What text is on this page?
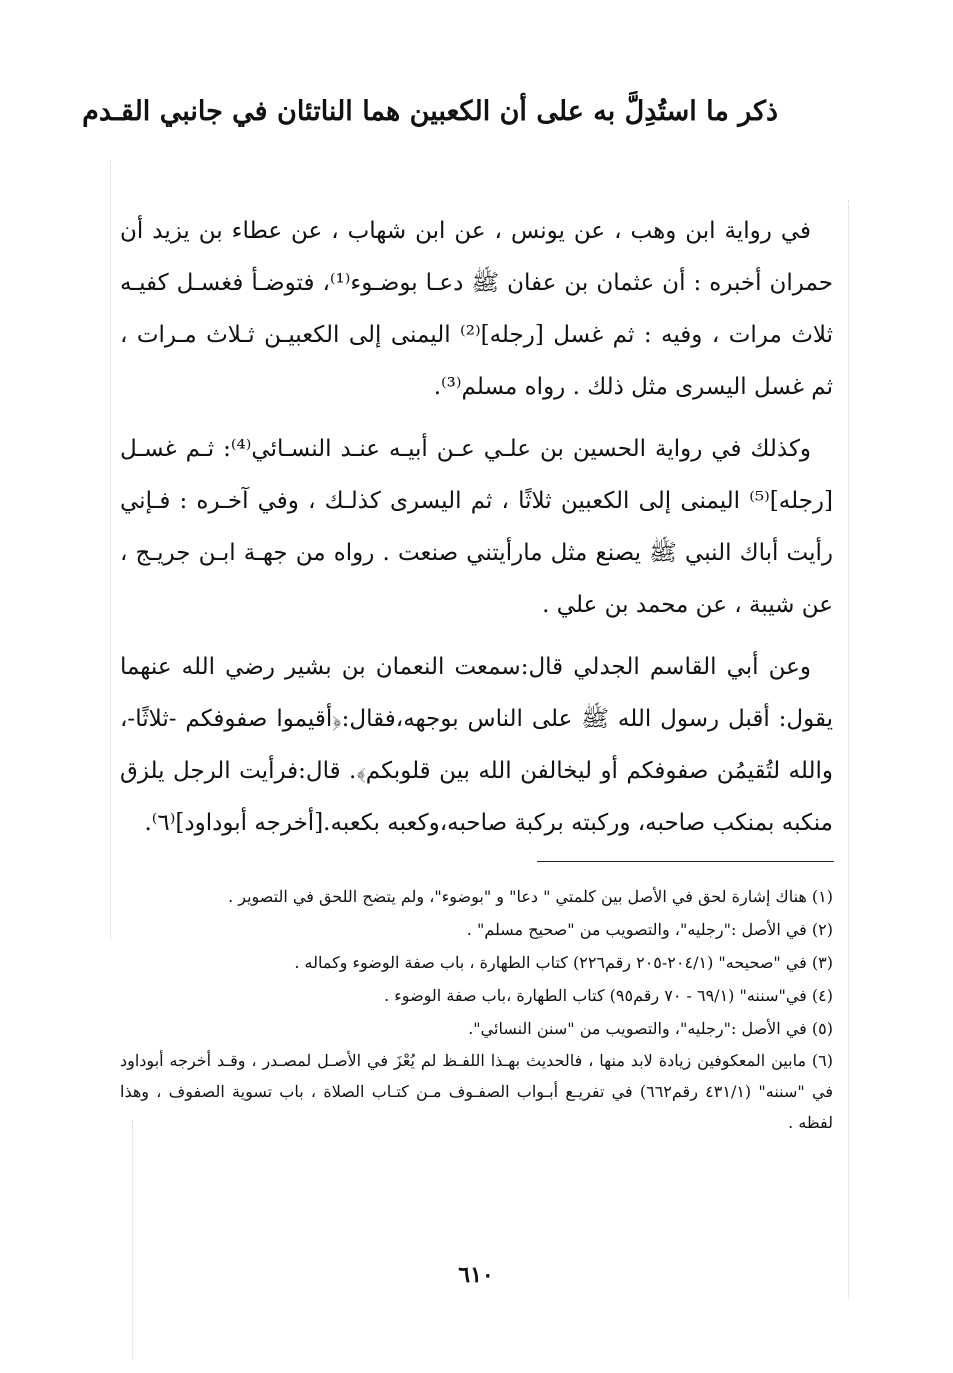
ذكر ما استُدِلَّ به على أن الكعبين هما الناتئان في جانبي القـدم

في رواية ابن وهب ، عن يونس ، عن ابن شهاب ، عن عطاء بن يزيد أن حمران أخبره : أن عثمان بن عفان ﷺ دعـا بوضـوء⁽¹⁾، فتوضـأ فغسـل كفيـه ثلاث مرات ، وفيه : ثم غسل [رجله]⁽²⁾ اليمنى إلى الكعبيـن ثـلاث مـرات ، ثم غسل اليسرى مثل ذلك . رواه مسلم⁽³⁾.

وكذلك في رواية الحسين بن علـي عـن أبيـه عنـد النسـائي⁽⁴⁾: ثـم غسـل [رجله]⁽⁵⁾ اليمنى إلى الكعبين ثلاثًا ، ثم اليسرى كذلـك ، وفي آخـره : فـإني رأيت أباك النبي ﷺ يصنع مثل مارأيتني صنعت . رواه من جهـة ابـن جريـج ، عن شيبة ، عن محمد بن علي .

وعن أبي القاسم الجدلي قال:سمعت النعمان بن بشير رضي الله عنهما يقول: أقبل رسول الله ﷺ على الناس بوجهه،فقال:﴿أقيموا صفوفكم -ثلاثًا-، والله لتُقيمُن صفوفكم أو ليخالفن الله بين قلوبكم﴾. قال:فرأيت الرجل يلزق منكبه بمنكب صاحبه، وركبته بركبة صاحبه،وكعبه بكعبه.[أخرجه أبوداود]⁽٦⁾.

(١) هناك إشارة لحق في الأصل بين كلمتي " دعا" و "بوضوء"، ولم يتضح اللحق في التصوير .

(٢) في الأصل :"رجليه"، والتصويب من "صحيح مسلم" .

(٣) في "صحيحه" (٢٠٤/١-٢٠٥ رقم٢٢٦) كتاب الطهارة ، باب صفة الوضوء وكماله .

(٤) في"سننه" (٦٩/١ - ٧٠ رقم٩٥) كتاب الطهارة ،باب صفة الوضوء .

(٥) في الأصل :"رجليه"، والتصويب من "سنن النسائي".

(٦) مابين المعكوفين زيادة لابد منها ، فالحديث بهـذا اللفـظ لم يُعْزَ في الأصـل لمصـدر ، وقـد أخرجه أبوداود في "سننه" (٤٣١/١ رقم٦٦٢) في تفريـع أبـواب الصفـوف مـن كتـاب الصلاة ، باب تسوية الصفوف ، وهذا لفظه .

٦١٠
